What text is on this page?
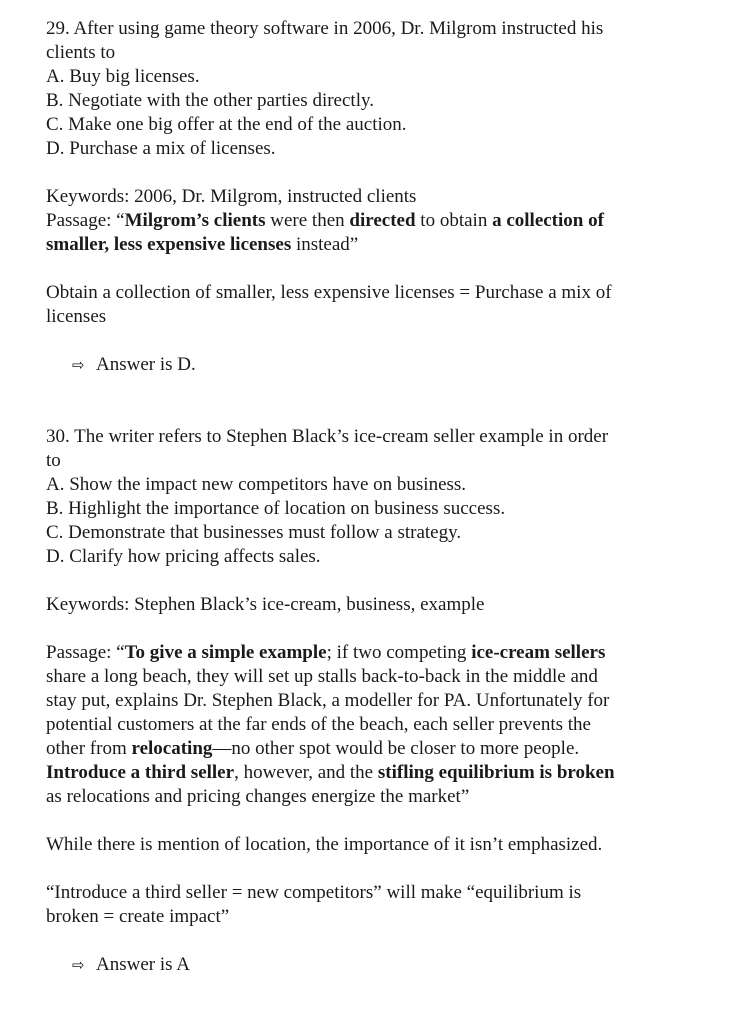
29. After using game theory software in 2006, Dr. Milgrom instructed his
clients to
A. Buy big licenses.
B. Negotiate with the other parties directly.
C. Make one big offer at the end of the auction.
D. Purchase a mix of licenses.
Keywords: 2006, Dr. Milgrom, instructed clients
Passage: “Milgrom’s clients were then directed to obtain a collection of
smaller, less expensive licenses instead”
Obtain a collection of smaller, less expensive licenses = Purchase a mix of
licenses
⇨ Answer is D.
30. The writer refers to Stephen Black’s ice-cream seller example in order
to
A. Show the impact new competitors have on business.
B. Highlight the importance of location on business success.
C. Demonstrate that businesses must follow a strategy.
D. Clarify how pricing affects sales.
Keywords: Stephen Black’s ice-cream, business, example
Passage: “To give a simple example; if two competing ice-cream sellers
share a long beach, they will set up stalls back-to-back in the middle and
stay put, explains Dr. Stephen Black, a modeller for PA. Unfortunately for
potential customers at the far ends of the beach, each seller prevents the
other from relocating—no other spot would be closer to more people.
Introduce a third seller, however, and the stifling equilibrium is broken
as relocations and pricing changes energize the market”
While there is mention of location, the importance of it isn’t emphasized.
“Introduce a third seller = new competitors” will make “equilibrium is
broken = create impact”
⇨ Answer is A
